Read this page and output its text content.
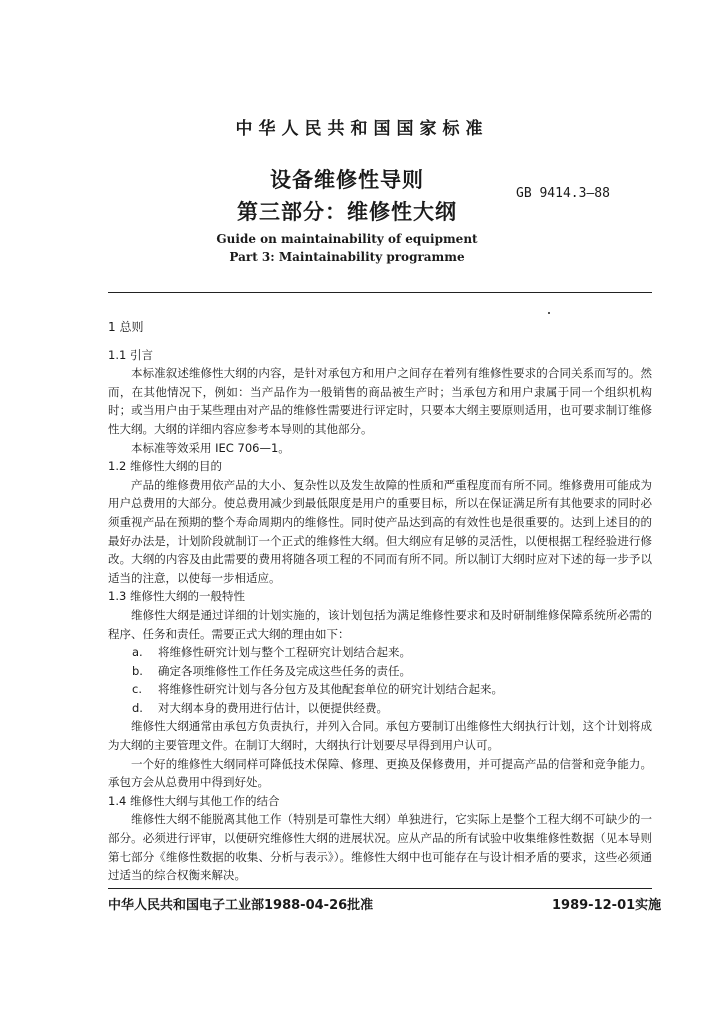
中华人民共和国国家标准
设备维修性导则
第三部分：维修性大纲
GB 9414.3—88
Guide on maintainability of equipment
Part 3: Maintainability programme

1 总则

1.1 引言

本标准叙述维修性大纲的内容，是针对承包方和用户之间存在着列有维修性要求的合同关系而写的。然而，在其他情况下，例如：当产品作为一般销售的商品被生产时；当承包方和用户隶属于同一个组织机构时；或当用户由于某些理由对产品的维修性需要进行评定时，只要本大纲主要原则适用，也可要求制订维修性大纲。大纲的详细内容应参考本导则的其他部分。

本标准等效采用 IEC 706—1。

1.2 维修性大纲的目的

产品的维修费用依产品的大小、复杂性以及发生故障的性质和严重程度而有所不同。维修费用可能成为用户总费用的大部分。使总费用减少到最低限度是用户的重要目标，所以在保证满足所有其他要求的同时必须重视产品在预期的整个寿命周期内的维修性。同时使产品达到高的有效性也是很重要的。达到上述目的的最好办法是，计划阶段就制订一个正式的维修性大纲。但大纲应有足够的灵活性，以便根据工程经验进行修改。大纲的内容及由此需要的费用将随各项工程的不同而有所不同。所以制订大纲时应对下述的每一步予以适当的注意，以使每一步相适应。

1.3 维修性大纲的一般特性

维修性大纲是通过详细的计划实施的，该计划包括为满足维修性要求和及时研制维修保障系统所必需的程序、任务和责任。需要正式大纲的理由如下：

a. 将维修性研究计划与整个工程研究计划结合起来。

b. 确定各项维修性工作任务及完成这些任务的责任。

c. 将维修性研究计划与各分包方及其他配套单位的研究计划结合起来。

d. 对大纲本身的费用进行估计，以便提供经费。

维修性大纲通常由承包方负责执行，并列入合同。承包方要制订出维修性大纲执行计划，这个计划将成为大纲的主要管理文件。在制订大纲时，大纲执行计划要尽早得到用户认可。

一个好的维修性大纲同样可降低技术保障、修理、更换及保修费用，并可提高产品的信誉和竞争能力。承包方会从总费用中得到好处。

1.4 维修性大纲与其他工作的结合

维修性大纲不能脱离其他工作（特别是可靠性大纲）单独进行，它实际上是整个工程大纲不可缺少的一部分。必须进行评审，以便研究维修性大纲的进展状况。应从产品的所有试验中收集维修性数据（见本导则第七部分《维修性数据的收集、分析与表示》）。维修性大纲中也可能存在与设计相矛盾的要求，这些必须通过适当的综合权衡来解决。

中华人民共和国电子工业部1988-04-26批准	1989-12-01实施
